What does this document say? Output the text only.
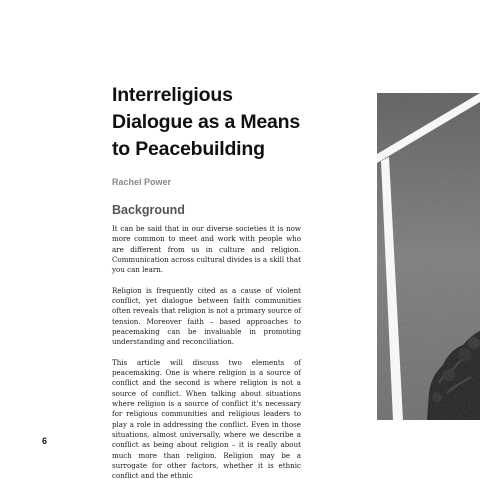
Interreligious
Dialogue as a Means
to Peacebuilding
Rachel Power
Background

It can be said that in our diverse societies it is now more common to meet and work with people who are different from us in culture and religion. Communication across cultural divides is a skill that you can learn.

Religion is frequently cited as a cause of violent conflict, yet dialogue between faith communities often reveals that religion is not a primary source of tension. Moreover faith – based approaches to peacemaking can be invaluable in promoting understanding and reconciliation.

This article will discuss two elements of peacemaking. One is where religion is a source of conflict and the second is where religion is not a source of conflict. When talking about situations where religion is a source of conflict it's necessary for religious communities and religious leaders to play a role in addressing the conflict. Even in those situations, almost universally, where we describe a conflict as being about religion – it is really about much more than religion. Religion may be a surrogate for other factors, whether it is ethnic conflict and the ethnic

6
